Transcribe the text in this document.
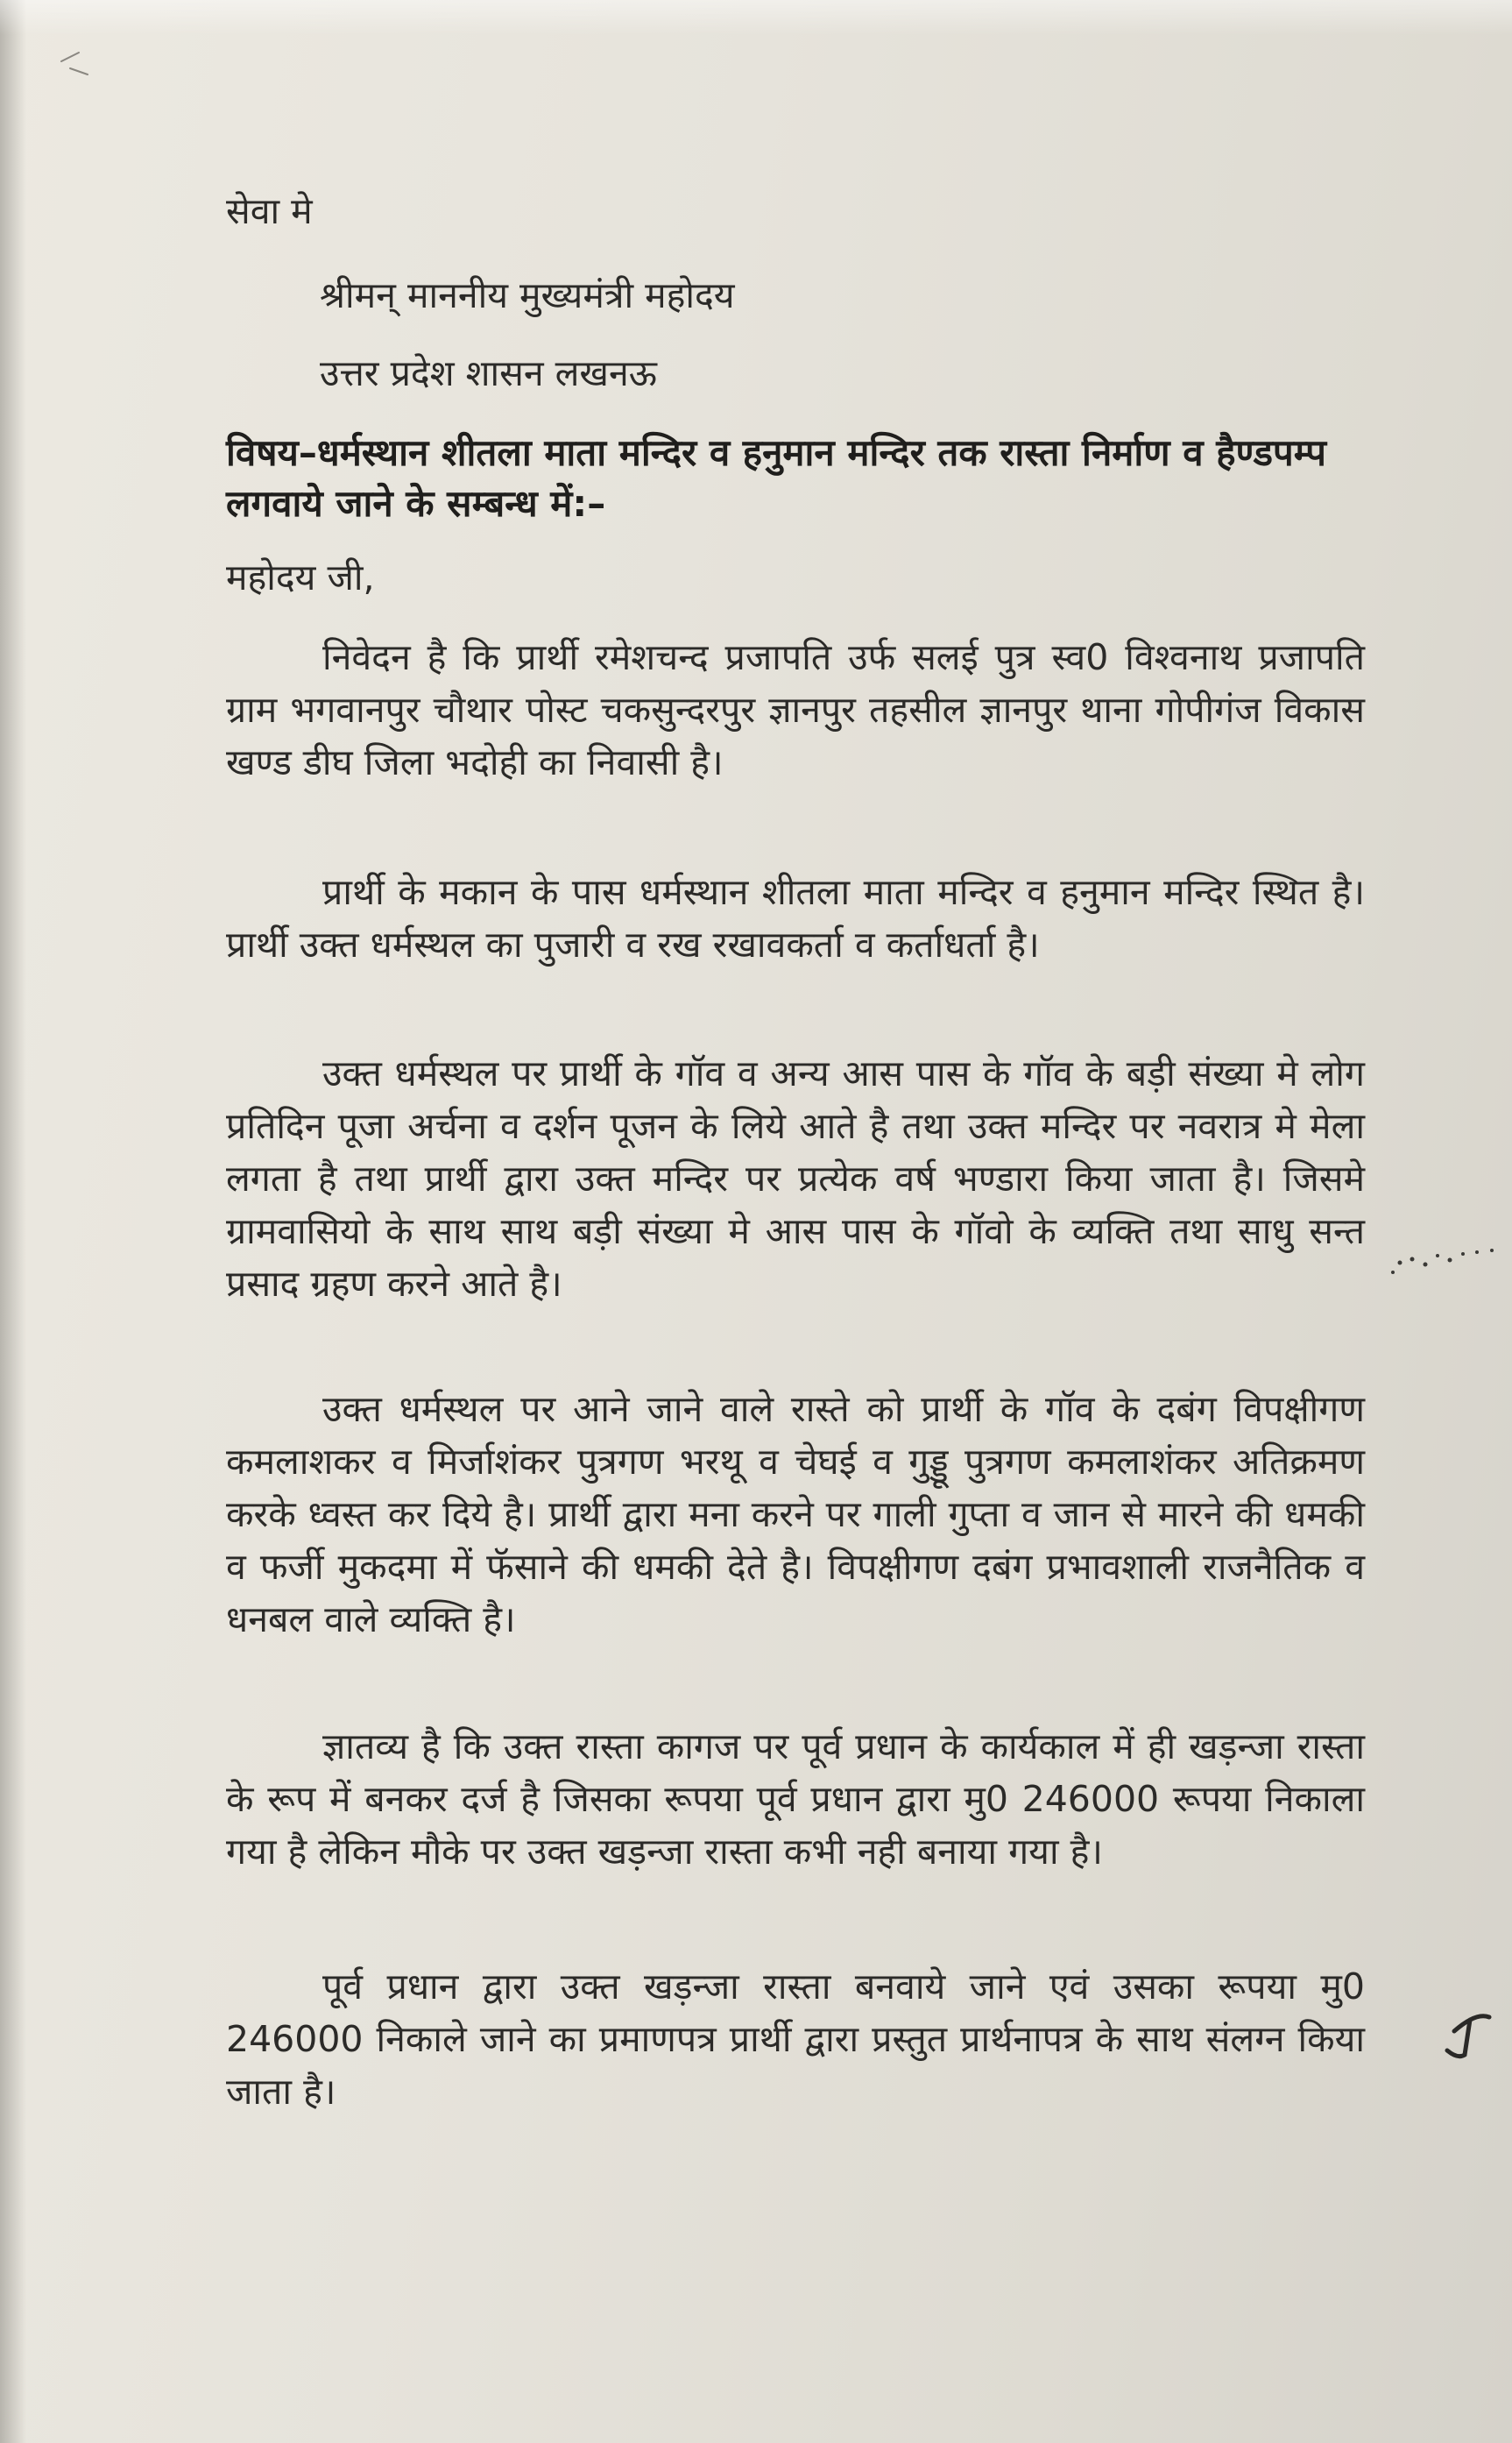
सेवा मे
श्रीमन् माननीय मुख्यमंत्री महोदय
उत्तर प्रदेश शासन लखनऊ
विषय–धर्मस्थान शीतला माता मन्दिर व हनुमान मन्दिर तक रास्ता निर्माण व हैण्डपम्प लगवाये जाने के सम्बन्ध में:–
महोदय जी,
निवेदन है कि प्रार्थी रमेशचन्द प्रजापति उर्फ सलई पुत्र स्व0 विश्वनाथ प्रजापति ग्राम भगवानपुर चौथार पोस्ट चकसुन्दरपुर ज्ञानपुर तहसील ज्ञानपुर थाना गोपीगंज विकास खण्ड डीघ जिला भदोही का निवासी है।
प्रार्थी के मकान के पास धर्मस्थान शीतला माता मन्दिर व हनुमान मन्दिर स्थित है। प्रार्थी उक्त धर्मस्थल का पुजारी व रख रखावकर्ता व कर्ताधर्ता है।
उक्त धर्मस्थल पर प्रार्थी के गॉव व अन्य आस पास के गॉव के बड़ी संख्या मे लोग प्रतिदिन पूजा अर्चना व दर्शन पूजन के लिये आते है तथा उक्त मन्दिर पर नवरात्र मे मेला लगता है तथा प्रार्थी द्वारा उक्त मन्दिर पर प्रत्येक वर्ष भण्डारा किया जाता है। जिसमे ग्रामवासियो के साथ साथ बड़ी संख्या मे आस पास के गॉवो के व्यक्ति तथा साधु सन्त प्रसाद ग्रहण करने आते है।
उक्त धर्मस्थल पर आने जाने वाले रास्ते को प्रार्थी के गॉव के दबंग विपक्षीगण कमलाशकर व मिर्जाशंकर पुत्रगण भरथू व चेघई व गुड्डू पुत्रगण कमलाशंकर अतिक्रमण करके ध्वस्त कर दिये है। प्रार्थी द्वारा मना करने पर गाली गुप्ता व जान से मारने की धमकी व फर्जी मुकदमा में फॅसाने की धमकी देते है। विपक्षीगण दबंग प्रभावशाली राजनैतिक व धनबल वाले व्यक्ति है।
ज्ञातव्य है कि उक्त रास्ता कागज पर पूर्व प्रधान के कार्यकाल में ही खड़न्जा रास्ता के रूप में बनकर दर्ज है जिसका रूपया पूर्व प्रधान द्वारा मु0 246000 रूपया निकाला गया है लेकिन मौके पर उक्त खड़न्जा रास्ता कभी नही बनाया गया है।
पूर्व प्रधान द्वारा उक्त खड़न्जा रास्ता बनवाये जाने एवं उसका रूपया मु0 246000 निकाले जाने का प्रमाणपत्र प्रार्थी द्वारा प्रस्तुत प्रार्थनापत्र के साथ संलग्न किया जाता है।
